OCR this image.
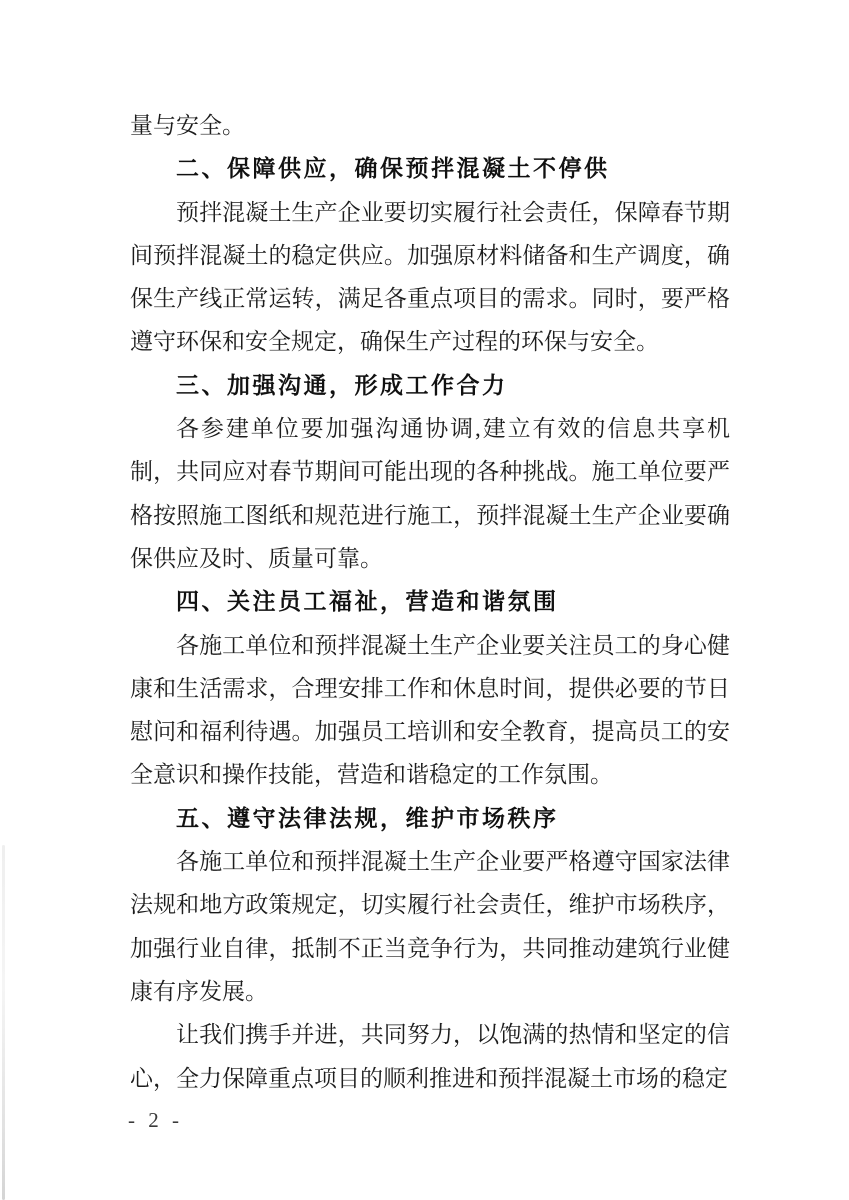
量与安全。

二、保障供应，确保预拌混凝土不停供

预拌混凝土生产企业要切实履行社会责任，保障春节期间预拌混凝土的稳定供应。加强原材料储备和生产调度，确保生产线正常运转，满足各重点项目的需求。同时，要严格遵守环保和安全规定，确保生产过程的环保与安全。

三、加强沟通，形成工作合力

各参建单位要加强沟通协调,建立有效的信息共享机制，共同应对春节期间可能出现的各种挑战。施工单位要严格按照施工图纸和规范进行施工，预拌混凝土生产企业要确保供应及时、质量可靠。

四、关注员工福祉，营造和谐氛围

各施工单位和预拌混凝土生产企业要关注员工的身心健康和生活需求，合理安排工作和休息时间，提供必要的节日慰问和福利待遇。加强员工培训和安全教育，提高员工的安全意识和操作技能，营造和谐稳定的工作氛围。

五、遵守法律法规，维护市场秩序

各施工单位和预拌混凝土生产企业要严格遵守国家法律法规和地方政策规定，切实履行社会责任，维护市场秩序，加强行业自律，抵制不正当竞争行为，共同推动建筑行业健康有序发展。

让我们携手并进，共同努力，以饱满的热情和坚定的信心，全力保障重点项目的顺利推进和预拌混凝土市场的稳定

- 2 -
